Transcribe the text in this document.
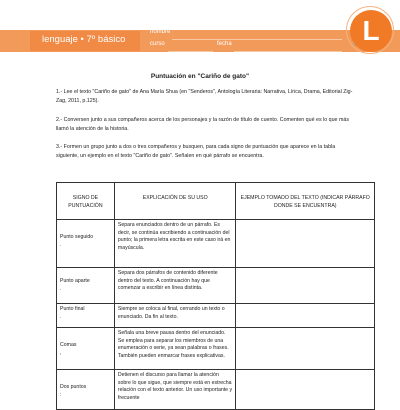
lenguaje • 7º básico
nombre
curso	fecha	L
3
Puntuación en "Cariño de gato"
1.- Lee el texto "Cariño de gato" de Ana María Shua (en "Senderos", Antología Literaria: Narrativa, Lírica, Drama, Editorial Zig-Zag, 2011, p.125).
2.- Conversen junto a sus compañeros acerca de los personajes y la razón de título de cuento. Comenten qué es lo que más llamó la atención de la historia.
3.- Formen un grupo junto a dos o tres compañeros y busquen, para cada signo de puntuación que aparece en la tabla siguiente, un ejemplo en el texto "Cariño de gato". Señalen en qué párrafo se encuentra.
SIGNO DE PUNTUACIÓN	EXPLICACIÓN DE SU USO	EJEMPLO TOMADO DEL TEXTO (INDICAR PÁRRAFO DONDE SE ENCUENTRA)

Punto seguido
.	Separa enunciados dentro de un párrafo. Es decir, se continúa escribiendo a continuación del punto; la primera letra escrita en este caso irá en mayúscula.	

Punto aparte
.	Separa dos párrafos de contenido diferente dentro del texto. A continuación hay que comenzar a escribir en línea distinta.	

Punto final
.	Siempre se coloca al final, cerrando un texto o enunciado. Da fin al texto.	

Comas
,	Señala una breve pausa dentro del enunciado. Se emplea para separar los miembros de una enumeración o serie, ya sean palabras o frases. También pueden enmarcar frases explicativas.	

Dos puntos
:	Detienen el discurso para llamar la atención sobre lo que sigue, que siempre está en estrecha relación con el texto anterior. Un uso importante y frecuente	
